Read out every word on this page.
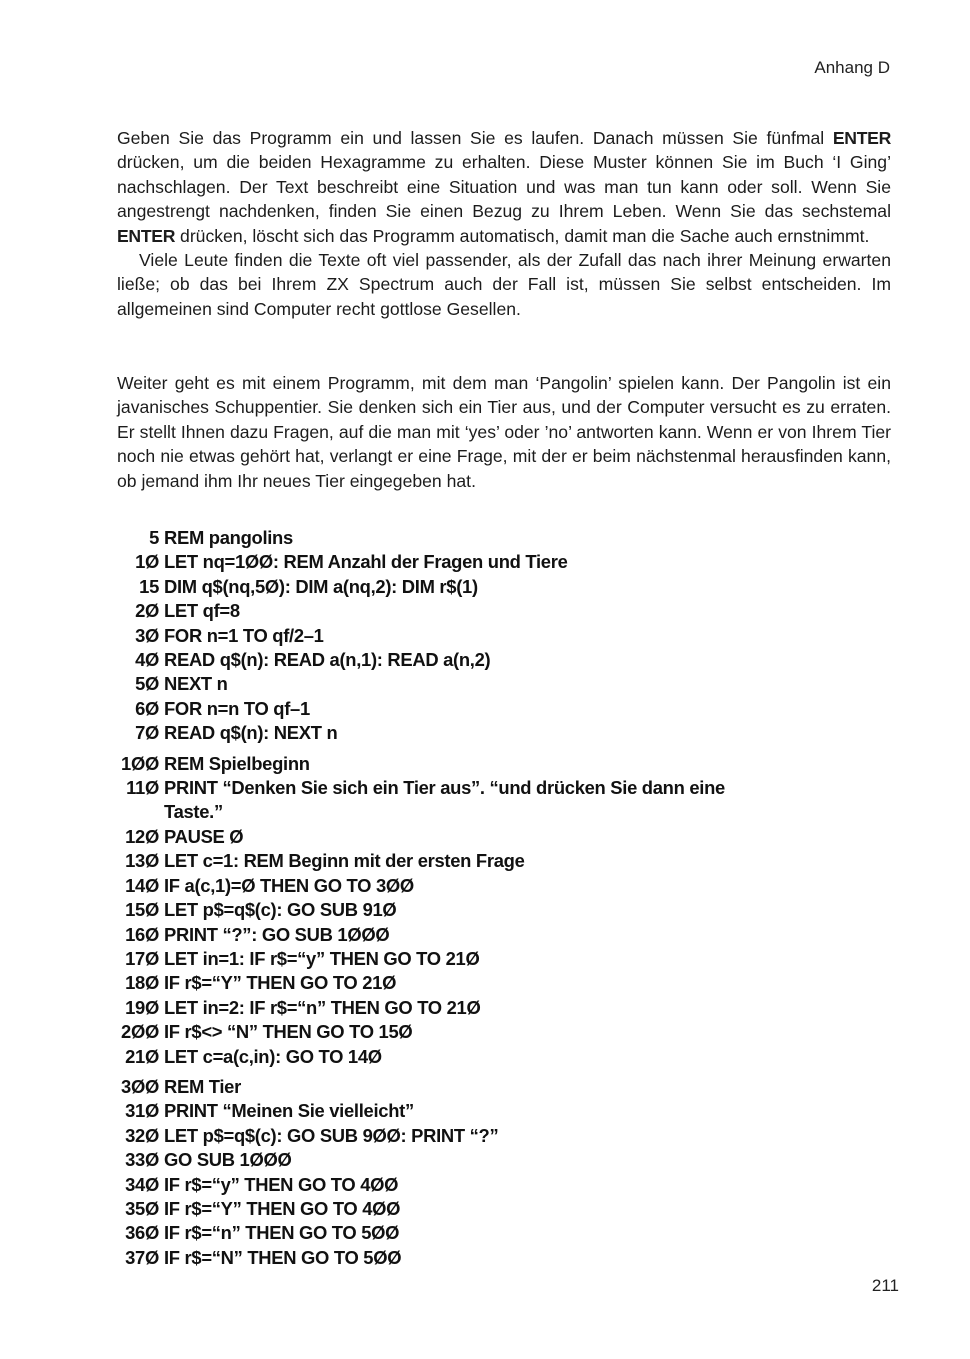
Anhang D

Geben Sie das Programm ein und lassen Sie es laufen. Danach müssen Sie fünfmal ENTER drücken, um die beiden Hexagramme zu erhalten. Diese Muster können Sie im Buch ‘I Ging’ nachschlagen. Der Text beschreibt eine Situation und was man tun kann oder soll. Wenn Sie angestrengt nachdenken, finden Sie einen Bezug zu Ihrem Leben. Wenn Sie das sechstemal ENTER drücken, löscht sich das Programm automatisch, damit man die Sache auch ernstnimmt.

Viele Leute finden die Texte oft viel passender, als der Zufall das nach ihrer Meinung erwarten ließe; ob das bei Ihrem ZX Spectrum auch der Fall ist, müssen Sie selbst entscheiden. Im allgemeinen sind Computer recht gottlose Gesellen.

Weiter geht es mit einem Programm, mit dem man ‘Pangolin’ spielen kann. Der Pangolin ist ein javanisches Schuppentier. Sie denken sich ein Tier aus, und der Computer versucht es zu erraten. Er stellt Ihnen dazu Fragen, auf die man mit ‘yes’ oder ’no’ antworten kann. Wenn er von Ihrem Tier noch nie etwas gehört hat, verlangt er eine Frage, mit der er beim nächstenmal herausfinden kann, ob jemand ihm Ihr neues Tier eingegeben hat.

5 REM pangolins
1Ø LET nq=1ØØ: REM Anzahl der Fragen und Tiere
15 DIM q$(nq,5Ø): DIM a(nq,2): DIM r$(1)
2Ø LET qf=8
3Ø FOR n=1 TO qf/2–1
4Ø READ q$(n): READ a(n,1): READ a(n,2)
5Ø NEXT n
6Ø FOR n=n TO qf–1
7Ø READ q$(n): NEXT n
1ØØ REM Spielbeginn
11Ø PRINT “Denken Sie sich ein Tier aus”. “und drücken Sie dann eine
Taste.”
12Ø PAUSE Ø
13Ø LET c=1: REM Beginn mit der ersten Frage
14Ø IF a(c,1)=Ø THEN GO TO 3ØØ
15Ø LET p$=q$(c): GO SUB 91Ø
16Ø PRINT “?”: GO SUB 1ØØØ
17Ø LET in=1: IF r$=“y” THEN GO TO 21Ø
18Ø IF r$=“Y” THEN GO TO 21Ø
19Ø LET in=2: IF r$=“n” THEN GO TO 21Ø
2ØØ IF r$<> “N” THEN GO TO 15Ø
21Ø LET c=a(c,in): GO TO 14Ø
3ØØ REM Tier
31Ø PRINT “Meinen Sie vielleicht”
32Ø LET p$=q$(c): GO SUB 9ØØ: PRINT “?”
33Ø GO SUB 1ØØØ
34Ø IF r$=“y” THEN GO TO 4ØØ
35Ø IF r$=“Y” THEN GO TO 4ØØ
36Ø IF r$=“n” THEN GO TO 5ØØ
37Ø IF r$=“N” THEN GO TO 5ØØ
211
